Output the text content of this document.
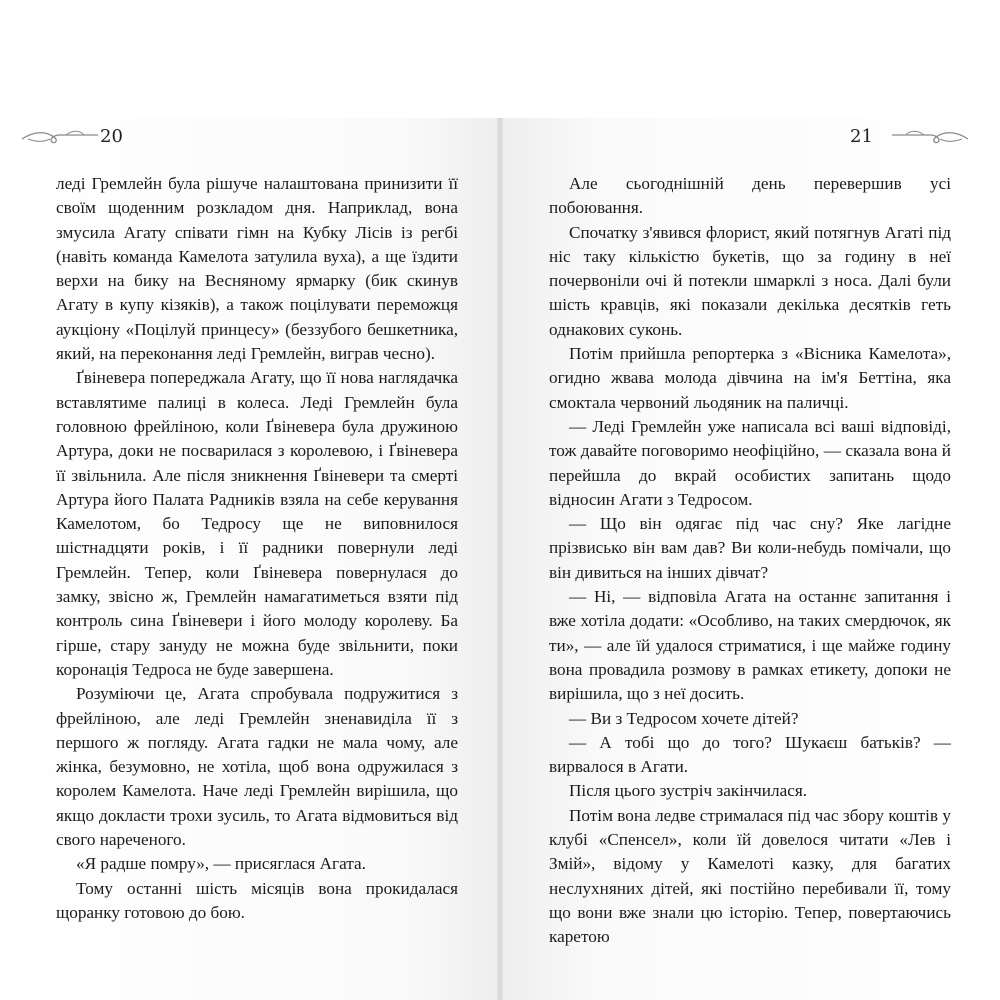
20	21

леді Гремлейн була рішуче налаштована принизити її своїм щоденним розкладом дня. Наприклад, вона змусила Агату співати гімн на Кубку Лісів із регбі (навіть команда Камелота затулила вуха), а ще їздити верхи на бику на Весняному ярмарку (бик скинув Агату в купу кізяків), а також поцілувати переможця аукціону «Поцілуй принцесу» (беззубого бешкетника, який, на переконання леді Гремлейн, виграв чесно).

Ґвіневера попереджала Агату, що її нова наглядачка вставлятиме палиці в колеса. Леді Гремлейн була головною фрейліною, коли Ґвіневера була дружиною Артура, доки не посварилася з королевою, і Ґвіневера її звільнила. Але після зникнення Ґвіневери та смерті Артура його Палата Радників взяла на себе керування Камелотом, бо Тедросу ще не виповнилося шістнадцяти років, і її радники повернули леді Гремлейн. Тепер, коли Ґвіневера повернулася до замку, звісно ж, Гремлейн намагатиметься взяти під контроль сина Ґвіневери і його молоду королеву. Ба гірше, стару зануду не можна буде звільнити, поки коронація Тедроса не буде завершена.

Розуміючи це, Агата спробувала подружитися з фрейліною, але леді Гремлейн зненавиділа її з першого ж погляду. Агата гадки не мала чому, але жінка, безумовно, не хотіла, щоб вона одружилася з королем Камелота. Наче леді Гремлейн вирішила, що якщо докласти трохи зусиль, то Агата відмовиться від свого нареченого.

«Я радше помру», — присяглася Агата.

Тому останні шість місяців вона прокидалася щоранку готовою до бою.

Але сьогоднішній день перевершив усі побоювання.

Спочатку з'явився флорист, який потягнув Агаті під ніс таку кількістю букетів, що за годину в неї почервоніли очі й потекли шмарклі з носа. Далі були шість кравців, які показали декілька десятків геть однакових суконь.

Потім прийшла репортерка з «Вісника Камелота», огидно жвава молода дівчина на ім'я Беттіна, яка смоктала червоний льодяник на паличці.

— Леді Гремлейн уже написала всі ваші відповіді, тож давайте поговоримо неофіційно, — сказала вона й перейшла до вкрай особистих запитань щодо відносин Агати з Тедросом.

— Що він одягає під час сну? Яке лагідне прізвисько він вам дав? Ви коли-небудь помічали, що він дивиться на інших дівчат?

— Ні, — відповіла Агата на останнє запитання і вже хотіла додати: «Особливо, на таких смердючок, як ти», — але їй удалося стриматися, і ще майже годину вона провадила розмову в рамках етикету, допоки не вирішила, що з неї досить.

— Ви з Тедросом хочете дітей?

— А тобі що до того? Шукаєш батьків? — вирвалося в Агати.

Після цього зустріч закінчилася.

Потім вона ледве стрималася під час збору коштів у клубі «Спенсел», коли їй довелося читати «Лев і Змій», відому у Камелоті казку, для багатих неслухняних дітей, які постійно перебивали її, тому що вони вже знали цю історію. Тепер, повертаючись каретою
